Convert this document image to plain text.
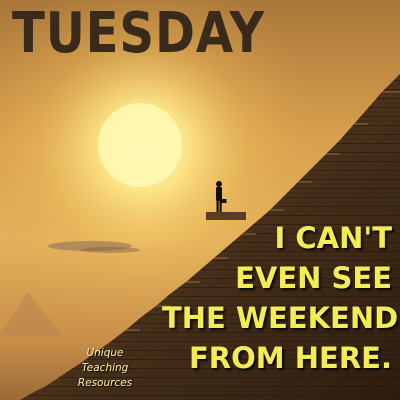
TUESDAY
I CAN'T
EVEN SEE
THE WEEKEND
FROM HERE.
Unique
Teaching
Resources
